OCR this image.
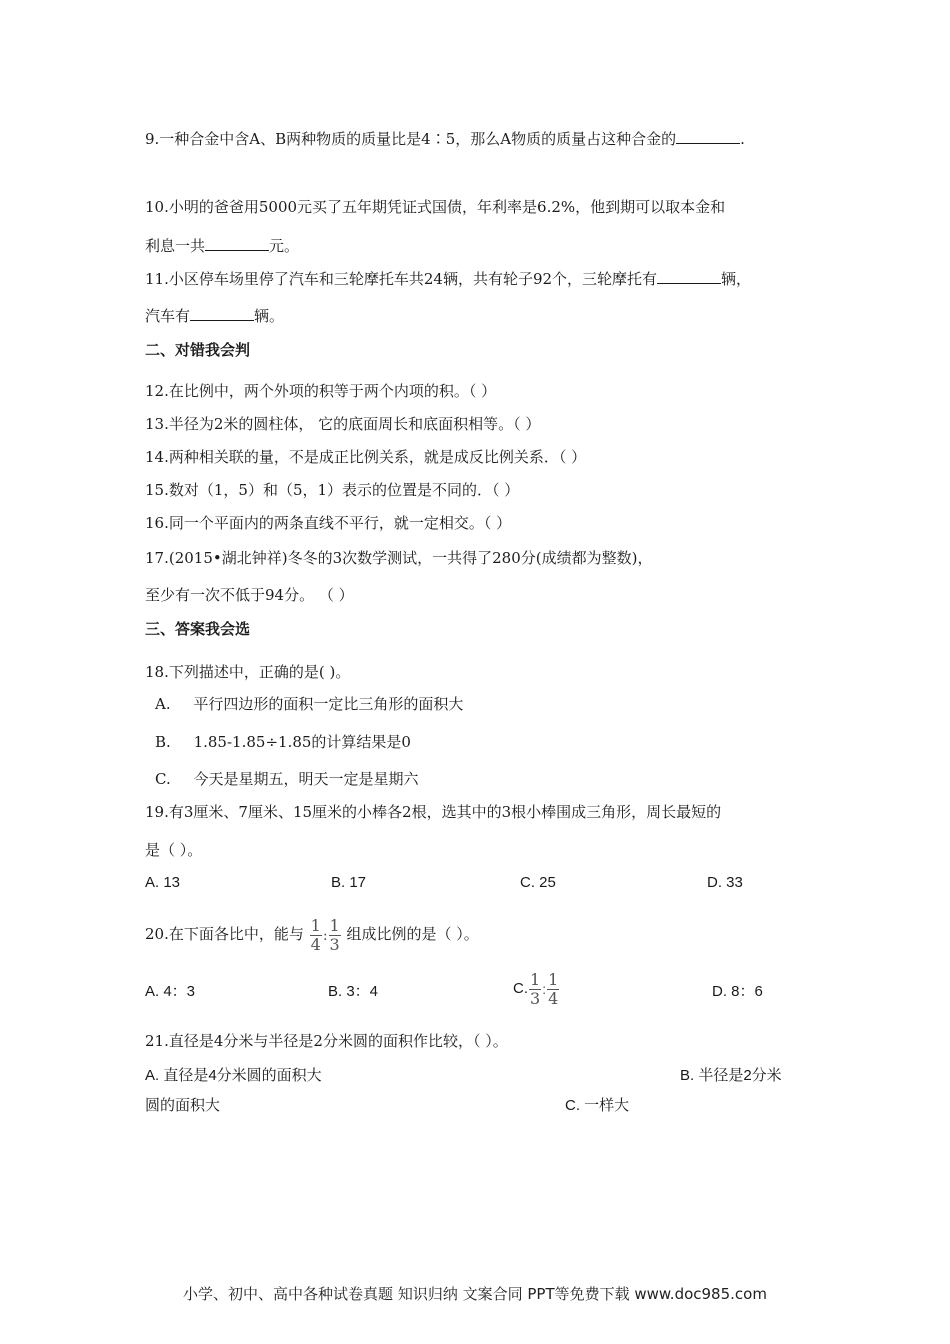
9.一种合金中含A、B两种物质的质量比是4∶5，那么A物质的质量占这种合金的	.
10.小明的爸爸用5000元买了五年期凭证式国债，年利率是6.2%，他到期可以取本金和
利息一共	元。
11.小区停车场里停了汽车和三轮摩托车共24辆，共有轮子92个，三轮摩托有	辆，
汽车有	辆。
二、对错我会判
12.在比例中，两个外项的积等于两个内项的积。（ ）
13.半径为2米的圆柱体， 它的底面周长和底面积相等。（ ）
14.两种相关联的量，不是成正比例关系，就是成反比例关系．（ ）
15.数对（1，5）和（5，1）表示的位置是不同的．（ ）
16.同一个平面内的两条直线不平行，就一定相交。（ ）
17.(2015•湖北钟祥)冬冬的3次数学测试，一共得了280分(成绩都为整数)，
至少有一次不低于94分。 （ ）
三、答案我会选
18.下列描述中，正确的是( )。
A. 平行四边形的面积一定比三角形的面积大
B. 1.85-1.85÷1.85的计算结果是0
C. 今天是星期五，明天一定是星期六
19.有3厘米、7厘米、15厘米的小棒各2根，选其中的3根小棒围成三角形，周长最短的
是（ ）。
A. 13	B. 17	C. 25	D. 33
20.在下面各比中，能与 $\frac{1}{4}$ : $\frac{1}{3}$ 组成比例的是（ ）。
A. 4：3	B. 3：4	C. $\frac{1}{3}$ : $\frac{1}{4}$	D. 8：6
21.直径是4分米与半径是2分米圆的面积作比较，（ ）。
A. 直径是4分米圆的面积大	B. 半径是2分米
圆的面积大	C. 一样大
小学、初中、高中各种试卷真题 知识归纳 文案合同 PPT等免费下载 www.doc985.com
